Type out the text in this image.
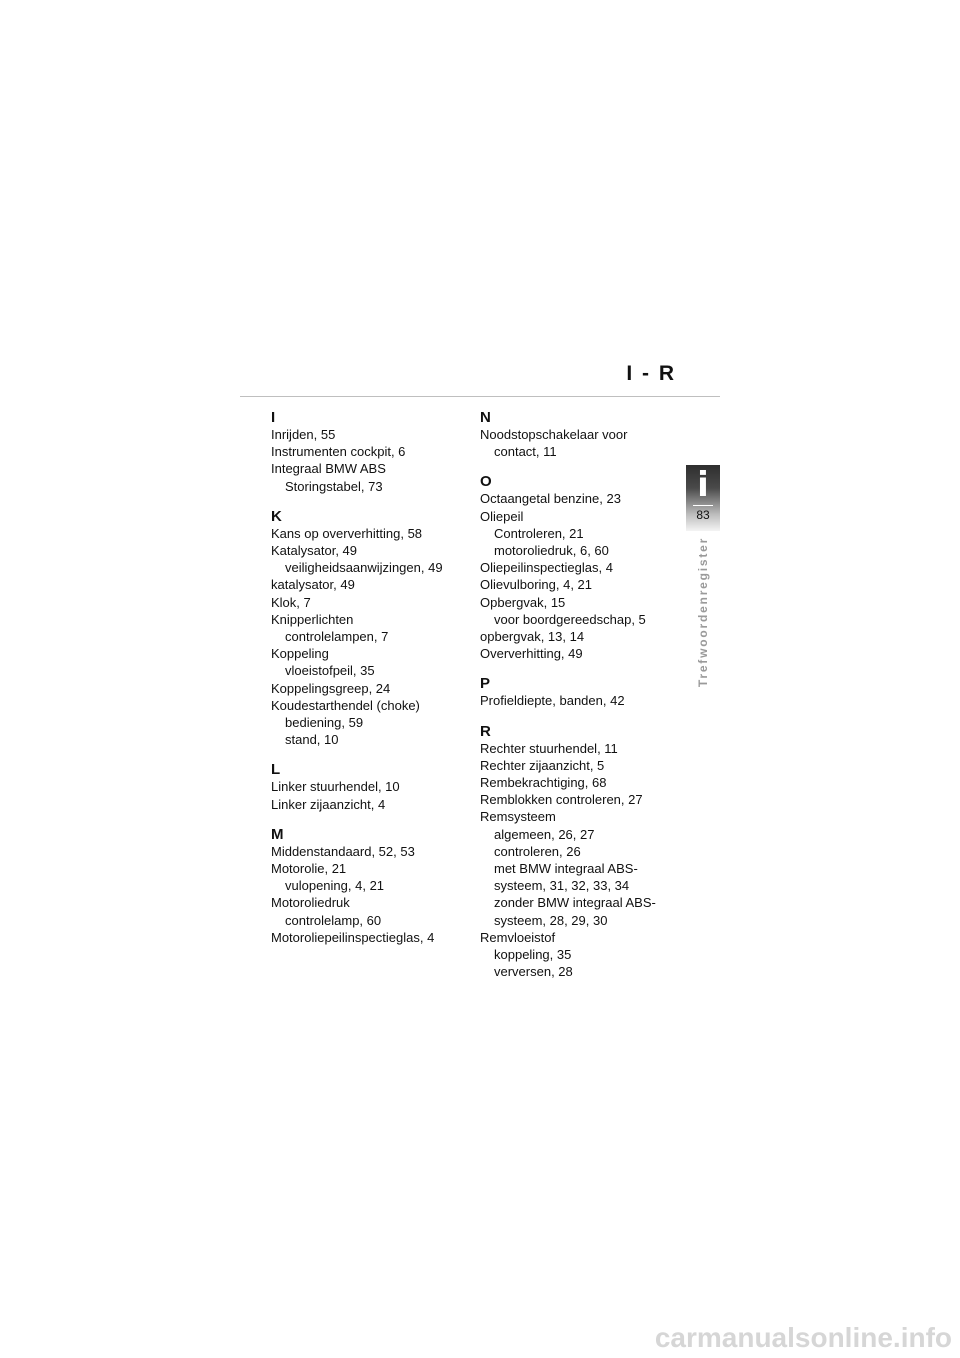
I - R
I
Inrijden, 55
Instrumenten cockpit, 6
Integraal BMW ABS
Storingstabel, 73
K
Kans op oververhitting, 58
Katalysator, 49
veiligheidsaanwijzingen, 49
katalysator, 49
Klok, 7
Knipperlichten
controlelampen, 7
Koppeling
vloeistofpeil, 35
Koppelingsgreep, 24
Koudestarthendel (choke)
bediening, 59
stand, 10
L
Linker stuurhendel, 10
Linker zijaanzicht, 4
M
Middenstandaard, 52, 53
Motorolie, 21
vulopening, 4, 21
Motoroliedruk
controlelamp, 60
Motoroliepeilinspectieglas, 4
N
Noodstopschakelaar voor
contact, 11
O
Octaangetal benzine, 23
Oliepeil
Controleren, 21
motoroliedruk, 6, 60
Oliepeilinspectieglas, 4
Olievulboring, 4, 21
Opbergvak, 15
voor boordgereedschap, 5
opbergvak, 13, 14
Oververhitting, 49
P
Profieldiepte, banden, 42
R
Rechter stuurhendel, 11
Rechter zijaanzicht, 5
Rembekrachtiging, 68
Remblokken controleren, 27
Remsysteem
algemeen, 26, 27
controleren, 26
met BMW integraal ABS-
systeem, 31, 32, 33, 34
zonder BMW integraal ABS-
systeem, 28, 29, 30
Remvloeistof
koppeling, 35
verversen, 28
i
83
Trefwoordenregister
carmanualsonline.info
